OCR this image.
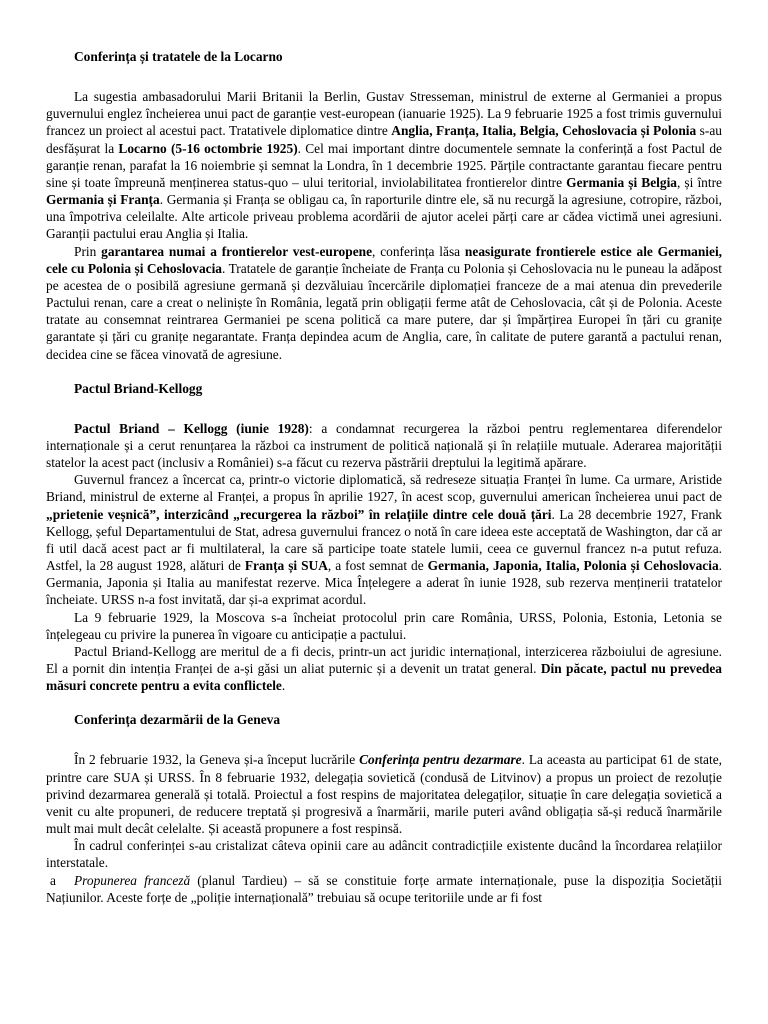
Conferința și tratatele de la Locarno

La sugestia ambasadorului Marii Britanii la Berlin, Gustav Stresseman, ministrul de externe al Germaniei a propus guvernului englez încheierea unui pact de garanție vest-european (ianuarie 1925). La 9 februarie 1925 a fost trimis guvernului francez un proiect al acestui pact. Tratativele diplomatice dintre Anglia, Franța, Italia, Belgia, Cehoslovacia și Polonia s-au desfășurat la Locarno (5-16 octombrie 1925). Cel mai important dintre documentele semnate la conferință a fost Pactul de garanție renan, parafat la 16 noiembrie și semnat la Londra, în 1 decembrie 1925. Părțile contractante garantau fiecare pentru sine și toate împreună menținerea status-quo – ului teritorial, inviolabilitatea frontierelor dintre Germania și Belgia, și între Germania și Franța. Germania și Franța se obligau ca, în raporturile dintre ele, să nu recurgă la agresiune, cotropire, război, una împotriva celeilalte. Alte articole priveau problema acordării de ajutor acelei părți care ar cădea victimă unei agresiuni. Garanții pactului erau Anglia și Italia.

Prin garantarea numai a frontierelor vest-europene, conferința lăsa neasigurate frontierele estice ale Germaniei, cele cu Polonia și Cehoslovacia. Tratatele de garanție încheiate de Franța cu Polonia și Cehoslovacia nu le puneau la adăpost pe acestea de o posibilă agresiune germană și dezvăluiau încercările diplomației franceze de a mai atenua din prevederile Pactului renan, care a creat o neliniște în România, legată prin obligații ferme atât de Cehoslovacia, cât și de Polonia. Aceste tratate au consemnat reintrarea Germaniei pe scena politică ca mare putere, dar și împărțirea Europei în țări cu granițe garantate și țări cu granițe negarantate. Franța depindea acum de Anglia, care, în calitate de putere garantă a pactului renan, decidea cine se făcea vinovată de agresiune.

Pactul Briand-Kellogg

Pactul Briand – Kellogg (iunie 1928): a condamnat recurgerea la război pentru reglementarea diferendelor internaționale și a cerut renunțarea la război ca instrument de politică națională și în relațiile mutuale. Aderarea majorității statelor la acest pact (inclusiv a României) s-a făcut cu rezerva păstrării dreptului la legitimă apărare.

Guvernul francez a încercat ca, printr-o victorie diplomatică, să redreseze situația Franței în lume. Ca urmare, Aristide Briand, ministrul de externe al Franței, a propus în aprilie 1927, în acest scop, guvernului american încheierea unui pact de „prietenie veșnică”, interzicând „recurgerea la război” în relațiile dintre cele două țări. La 28 decembrie 1927, Frank Kellogg, șeful Departamentului de Stat, adresa guvernului francez o notă în care ideea este acceptată de Washington, dar că ar fi util dacă acest pact ar fi multilateral, la care să participe toate statele lumii, ceea ce guvernul francez n-a putut refuza. Astfel, la 28 august 1928, alături de Franța și SUA, a fost semnat de Germania, Japonia, Italia, Polonia și Cehoslovacia. Germania, Japonia și Italia au manifestat rezerve. Mica Înțelegere a aderat în iunie 1928, sub rezerva menținerii tratatelor încheiate. URSS n-a fost invitată, dar și-a exprimat acordul.

La 9 februarie 1929, la Moscova s-a încheiat protocolul prin care România, URSS, Polonia, Estonia, Letonia se înțelegeau cu privire la punerea în vigoare cu anticipație a pactului.

Pactul Briand-Kellogg are meritul de a fi decis, printr-un act juridic internațional, interzicerea războiului de agresiune. El a pornit din intenția Franței de a-și găsi un aliat puternic și a devenit un tratat general. Din păcate, pactul nu prevedea măsuri concrete pentru a evita conflictele.

Conferința dezarmării de la Geneva

În 2 februarie 1932, la Geneva și-a început lucrările Conferința pentru dezarmare. La aceasta au participat 61 de state, printre care SUA și URSS. În 8 februarie 1932, delegația sovietică (condusă de Litvinov) a propus un proiect de rezoluție privind dezarmarea generală și totală. Proiectul a fost respins de majoritatea delegaților, situație în care delegația sovietică a venit cu alte propuneri, de reducere treptată și progresivă a înarmării, marile puteri având obligația să-și reducă înarmările mult mai mult decât celelalte. Și această propunere a fost respinsă.

În cadrul conferinței s-au cristalizat câteva opinii care au adâncit contradicțiile existente ducând la încordarea relațiilor interstatale.

a Propunerea franceză (planul Tardieu) – să se constituie forțe armate internaționale, puse la dispoziția Societății Națiunilor. Aceste forțe de „poliție internațională” trebuiau să ocupe teritoriile unde ar fi fost
